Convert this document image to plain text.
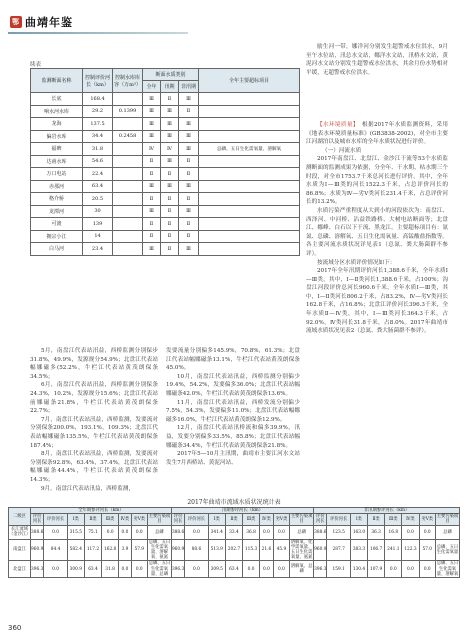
鄂 曲靖年鉴
续表
监测断面名称	控制评价河长（km）	控制水库库容（万m³）	断面水质类别			全年主要超标项目
			全年	汛期	非汛期	
长底	168.4		Ⅲ	Ⅱ	Ⅲ	
响水河水库	29.2	0.1399	Ⅲ	Ⅲ	Ⅱ	
龙海	137.5		Ⅲ	Ⅲ	Ⅲ	
偏岩水库	34.4	0.2458	Ⅲ	Ⅲ	Ⅲ	
福碑	31.8		Ⅳ	Ⅳ	Ⅲ	总磷、五日生化需氧量、溶解氧
达甫水库	54.6		Ⅱ	Ⅲ	Ⅱ	
万口电站	22.4		Ⅱ	Ⅱ	Ⅱ	
赤那河	63.4		Ⅲ	Ⅲ	Ⅲ	
格介桥	20.5		Ⅱ	Ⅱ	Ⅱ	
龙潭河	30		Ⅲ	Ⅱ	Ⅲ	
可渡	139		Ⅱ	Ⅱ	Ⅱ	
拥宗小江	14		Ⅱ	Ⅱ	Ⅱ	
白马河	23.4		Ⅲ	Ⅱ	Ⅲ	

励生河一带，娜洋河分别发生超警戒水位洪水，9月至午水位站，汛总水文站，娜洋水文站，汛桥水文站，黄泥河水文站分别发生超警戒水位洪水，其余月份水势相对平缓，无超警戒水位洪水。

【水环境质量】　根据2017年水质监测资料，采用《地表水环境质量标准》(GB3838-2002)，对全市主要江河湖泊以及城市水库的全年水质状况进行评价。

（一）河流水质

2017年南盘江、北盘江、金沙江干流等53个水质监测断面的监测成果为依据，分全年、干水期、枯水期三个时段，对全市1753.7千米总河长进行评价。其中，全年水质为Ⅰ—Ⅲ类的河长1522.3千米，占总评价河长的86.8%；水质为Ⅳ—劣Ⅴ类河长231.4千米，占总评价河长的13.2%。

水质污染严重程度从大到小的河段依次为：南盘江、西泽河、中河桥、沾益铁路桥、大树电站断面等；北盘江、娜峰、白石以下干流、黑龙江。主要超标项目有：氨氮、总磷、溶解氧、五日生化需氧量、高锰酸盐指数等。各主要河流水质状况详见表1（总氮、粪大肠菌群不参评）。

按流域分区水质评价情况如下：

2017年全年汛期评价河长1,388.6千米，全年水质Ⅰ—Ⅲ类，其中，Ⅰ—Ⅱ类河长1,388.6千米，占100%；沟盘江河段评价总河长960.6千米，全年水质Ⅰ—Ⅲ类，其中，Ⅰ—Ⅱ类河长806.2千米，占83.2%，Ⅳ—劣Ⅴ类河长162.8千米，占16.8%；北盘江评价河长396.3千米，全年水质Ⅱ—Ⅳ类，其中，Ⅰ—Ⅲ类河长364.3千米，占92.0%，Ⅳ类河长31.8千米，占8.0%。2017年曲靖市流域水质状况见表2（总氮、粪大肠菌群不参评）。

5月，南盘江代表站汛益，西桥监测分别保步31.8%，49.9%，发源规分54.9%；北盘江代表站幅娜磁多(52.2%，牛栏江代表站黄茂朗保条34.5%；

6月，南盘江代表站汛益，西桥监测分别保条24.3%，10.2%，发源规分15.6%；北盘江代表站前娜磁条21.8%，牛栏江代表站黄茂朗保条22.7%；

7月，南盘江代表站汛益，西桥监测，发要流对分别保条200.0%，193.1%，109.3%；北盘江代表站幅娜磁条135.5%，牛栏江代表站黄茂朗保条187.4%；

8月，南盘江代表站汛益，西桥监测，发要流对分别保条92.8%，63.4%，37.4%，北盘江代表站幅娜磁条44.4%，牛栏江代表站黄茂朗保条14.3%；

9月，南盘江代表站汛益，西桥监测，

发要流量分别偏多145.9%，70.8%，61.3%；北盘江代表站幅娜磁条13.1%，牛栏江代表站黄茂朗保条45.0%。

10月，南盘江代表站汛益，西桥监测分别偏少19.4%，54.2%，发要偏多36.0%；北盘江代表站幅娜磁条42.0%，牛栏江代表站黄茂朗保条13.6%。

11月，南盘江代表站汛益，西桥发流分别偏少7.5%，54.3%，发要偏多11.0%；北盘江代表站幅娜磁多16.0%，牛栏江代表站黄茂朗保条12.9%。

12月，南盘江代表站汛桥流和偏多39.9%，汛益，发要分别偏多33.5%，85.8%；北盘江代表站幅娜磁条34.4%，牛栏江代表站黄茂朗保条21.8%。

2017年5—10月主汛期，曲靖市主要江河水文站发生7月西桥站、黄泥河站、

2017年曲靖市流域水质状况统计表
二级区	全年期参评河长（km）								汛期参评河长（km）								非汛期参评河长（km）							
	评价河长	评价河长	Ⅰ类	Ⅱ类	Ⅲ类	Ⅳ类	劣Ⅴ类	主要污染项目	评价河长	评价河长	Ⅰ类	Ⅱ类	Ⅲ类	Ⅳ类	劣Ⅴ类	主要污染项目	评价河长	评价河长	Ⅰ类	Ⅱ类	Ⅲ类	Ⅳ类	劣Ⅴ类	主要污染项目
长江流域（金沙江）	388.6	0.0	315.5	75.1	0.0	0.0	0.0	总磷	388.6	0.0	341.4	33.4	36.8	0.0	0.0	总磷	388.6	123.5	163.0	36.3	16.8	0.0	0.0	总磷
南盘江	960.9	84.4	582.4	117.2	162.8	3.9	57.9	总磷、五日生化需氧量、溶解氧、氨氮	960.9	88.6	513.9	202.7	115.3	21.6	45.9	溶解氧、化学需氧量、五日生化需氧量、氨氮	960.9	287.7	383.3	106.7	241.1	122.3	57.0	总磷、五日生化需氧量
北盘江	396.3	0.0	300.9	63.4	31.8	0.0	0.0	总磷、五日生化需氧量、总磷	396.3	0.0	309.5	63.4	0.0	0.0	0.0	溶解氧、总磷	396.3	159.1	130.4	107.9	0.0	0.0	0.0	总磷、五日生化需氧量、溶解氧
360
